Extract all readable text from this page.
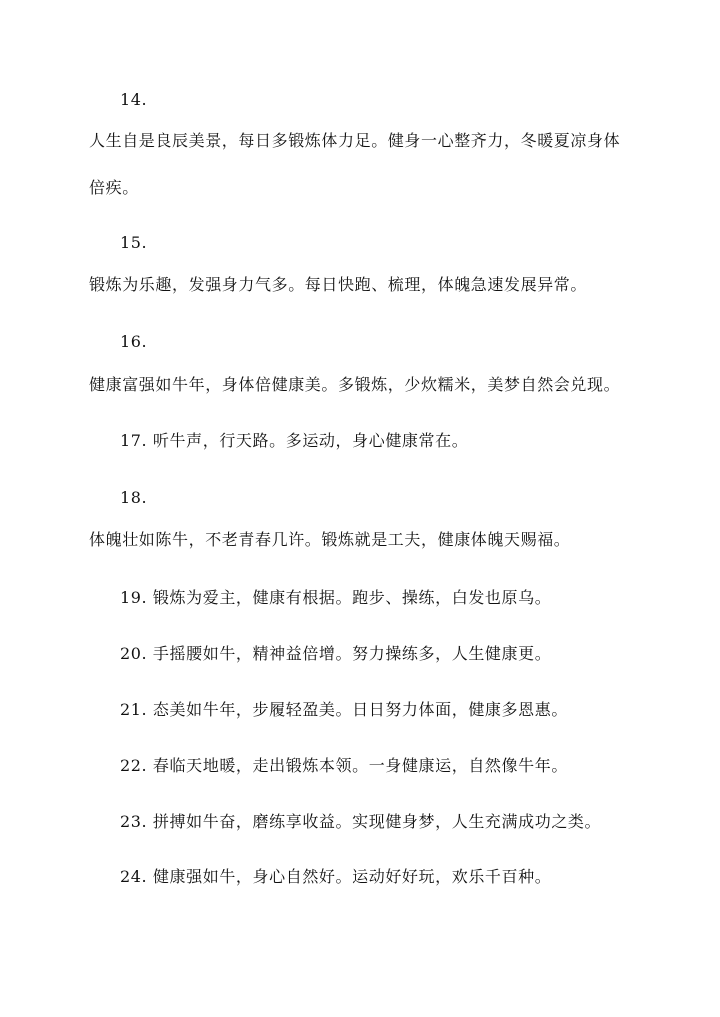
14.
人生自是良辰美景，每日多锻炼体力足。健身一心整齐力，冬暖夏凉身体
倍疾。
15.
锻炼为乐趣，发强身力气多。每日快跑、梳理，体魄急速发展异常。
16.
健康富强如牛年，身体倍健康美。多锻炼，少炊糯米，美梦自然会兑现。
17. 听牛声，行天路。多运动，身心健康常在。
18.
体魄壮如陈牛，不老青春几许。锻炼就是工夫，健康体魄天赐福。
19. 锻炼为爱主，健康有根据。跑步、操练，白发也原乌。
20. 手摇腰如牛，精神益倍增。努力操练多，人生健康更。
21. 态美如牛年，步履轻盈美。日日努力体面，健康多恩惠。
22. 春临天地暖，走出锻炼本领。一身健康运，自然像牛年。
23. 拼搏如牛奋，磨练享收益。实现健身梦，人生充满成功之类。
24. 健康强如牛，身心自然好。运动好好玩，欢乐千百种。
